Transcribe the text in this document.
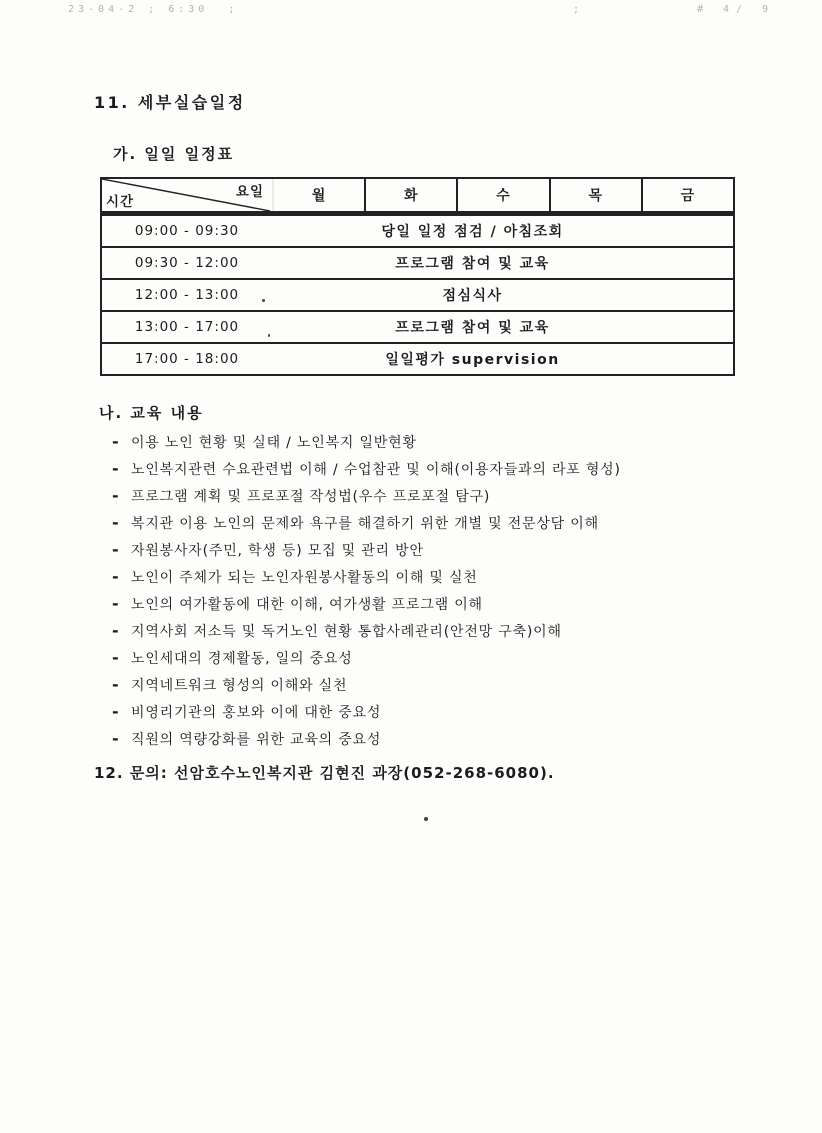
23-04-2 ; 6:30  ;

	;

	# 4/ 9

11. 세부실습일정
가. 일일 일정표
요일
시간	월	화	수	목	금
09:00 - 09:30	당일 일정 점검 / 아침조회
09:30 - 12:00	프로그램 참여 및 교육
12:00 - 13:00	점심식사
13:00 - 17:00	프로그램 참여 및 교육
17:00 - 18:00	일일평가 supervision
나. 교육 내용
- 이용 노인 현황 및 실태 / 노인복지 일반현황
- 노인복지관련 수요관련법 이해 / 수업참관 및 이해(이용자들과의 라포 형성)
- 프로그램 계획 및 프로포절 작성법(우수 프로포절 탐구)
- 복지관 이용 노인의 문제와 욕구를 해결하기 위한 개별 및 전문상담 이해
- 자원봉사자(주민, 학생 등) 모집 및 관리 방안
- 노인이 주체가 되는 노인자원봉사활동의 이해 및 실천
- 노인의 여가활동에 대한 이해, 여가생활 프로그램 이해
- 지역사회 저소득 및 독거노인 현황 통합사례관리(안전망 구축)이해
- 노인세대의 경제활동, 일의 중요성
- 지역네트워크 형성의 이해와 실천
- 비영리기관의 홍보와 이에 대한 중요성
- 직원의 역량강화를 위한 교육의 중요성
12. 문의: 선암호수노인복지관 김현진 과장(052-268-6080).
